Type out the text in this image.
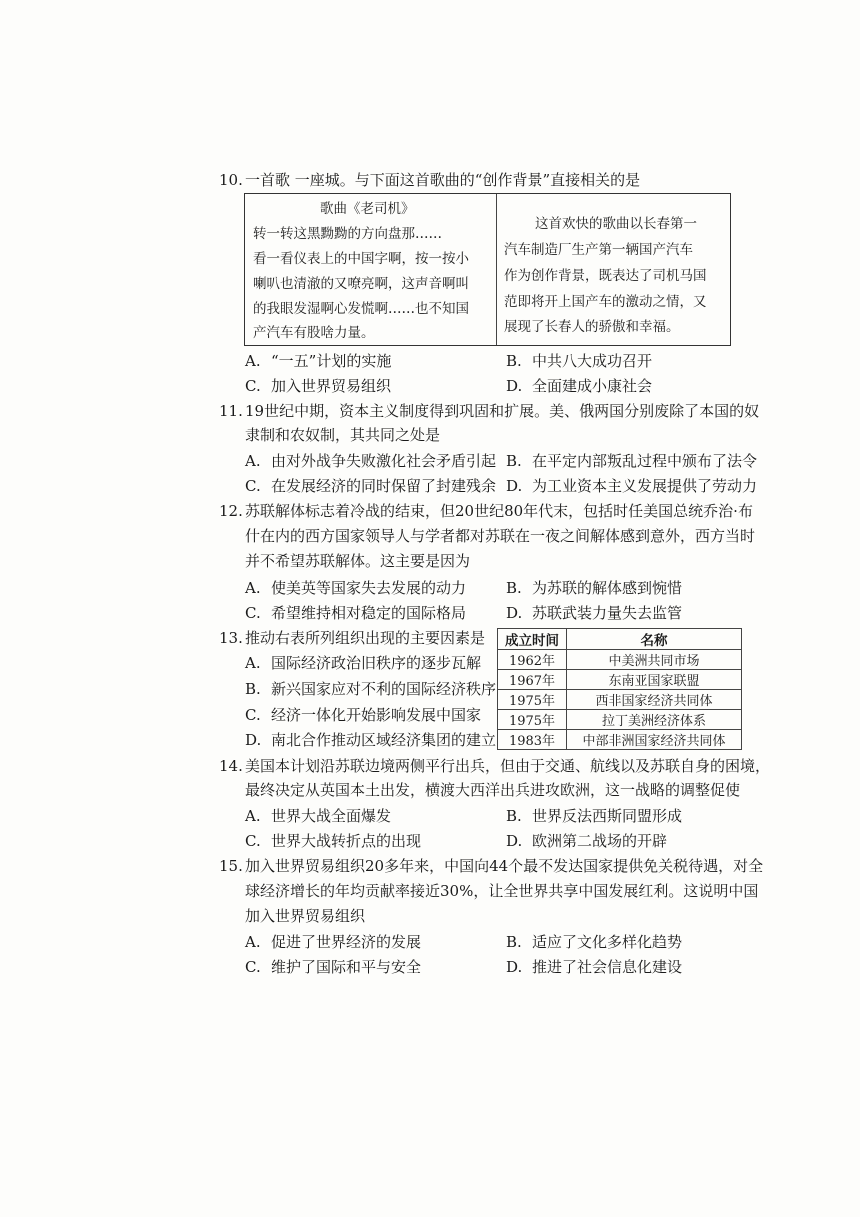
10. 一首歌 一座城。与下面这首歌曲的“创作背景”直接相关的是
歌曲《老司机》
转一转这黑黝黝的方向盘那……
看一看仪表上的中国字啊，按一按小
喇叭也清澈的又嘹亮啊，这声音啊叫
的我眼发湿啊心发慌啊……也不知国
产汽车有股啥力量。
这首欢快的歌曲以长春第一
汽车制造厂生产第一辆国产汽车
作为创作背景，既表达了司机马国
范即将开上国产车的激动之情，又
展现了长春人的骄傲和幸福。
A. “一五”计划的实施	B. 中共八大成功召开
C. 加入世界贸易组织	D. 全面建成小康社会
11. 19世纪中期，资本主义制度得到巩固和扩展。美、俄两国分别废除了本国的奴
隶制和农奴制，其共同之处是
A. 由对外战争失败激化社会矛盾引起 B. 在平定内部叛乱过程中颁布了法令
C. 在发展经济的同时保留了封建残余 D. 为工业资本主义发展提供了劳动力
12. 苏联解体标志着冷战的结束，但20世纪80年代末，包括时任美国总统乔治·布
什在内的西方国家领导人与学者都对苏联在一夜之间解体感到意外，西方当时
并不希望苏联解体。这主要是因为
A. 使美英等国家失去发展的动力	B. 为苏联的解体感到惋惜
C. 希望维持相对稳定的国际格局	D. 苏联武装力量失去监管
13. 推动右表所列组织出现的主要因素是
A. 国际经济政治旧秩序的逐步瓦解
B. 新兴国家应对不利的国际经济秩序
C. 经济一体化开始影响发展中国家
D. 南北合作推动区域经济集团的建立
成立时间	名称
1962年	中美洲共同市场
1967年	东南亚国家联盟
1975年	西非国家经济共同体
1975年	拉丁美洲经济体系
1983年	中部非洲国家经济共同体
14. 美国本计划沿苏联边境两侧平行出兵，但由于交通、航线以及苏联自身的困境，
最终决定从英国本土出发，横渡大西洋出兵进攻欧洲，这一战略的调整促使
A. 世界大战全面爆发	B. 世界反法西斯同盟形成
C. 世界大战转折点的出现	D. 欧洲第二战场的开辟
15. 加入世界贸易组织20多年来，中国向44个最不发达国家提供免关税待遇，对全
球经济增长的年均贡献率接近30%，让全世界共享中国发展红利。这说明中国
加入世界贸易组织
A. 促进了世界经济的发展	B. 适应了文化多样化趋势
C. 维护了国际和平与安全	D. 推进了社会信息化建设
